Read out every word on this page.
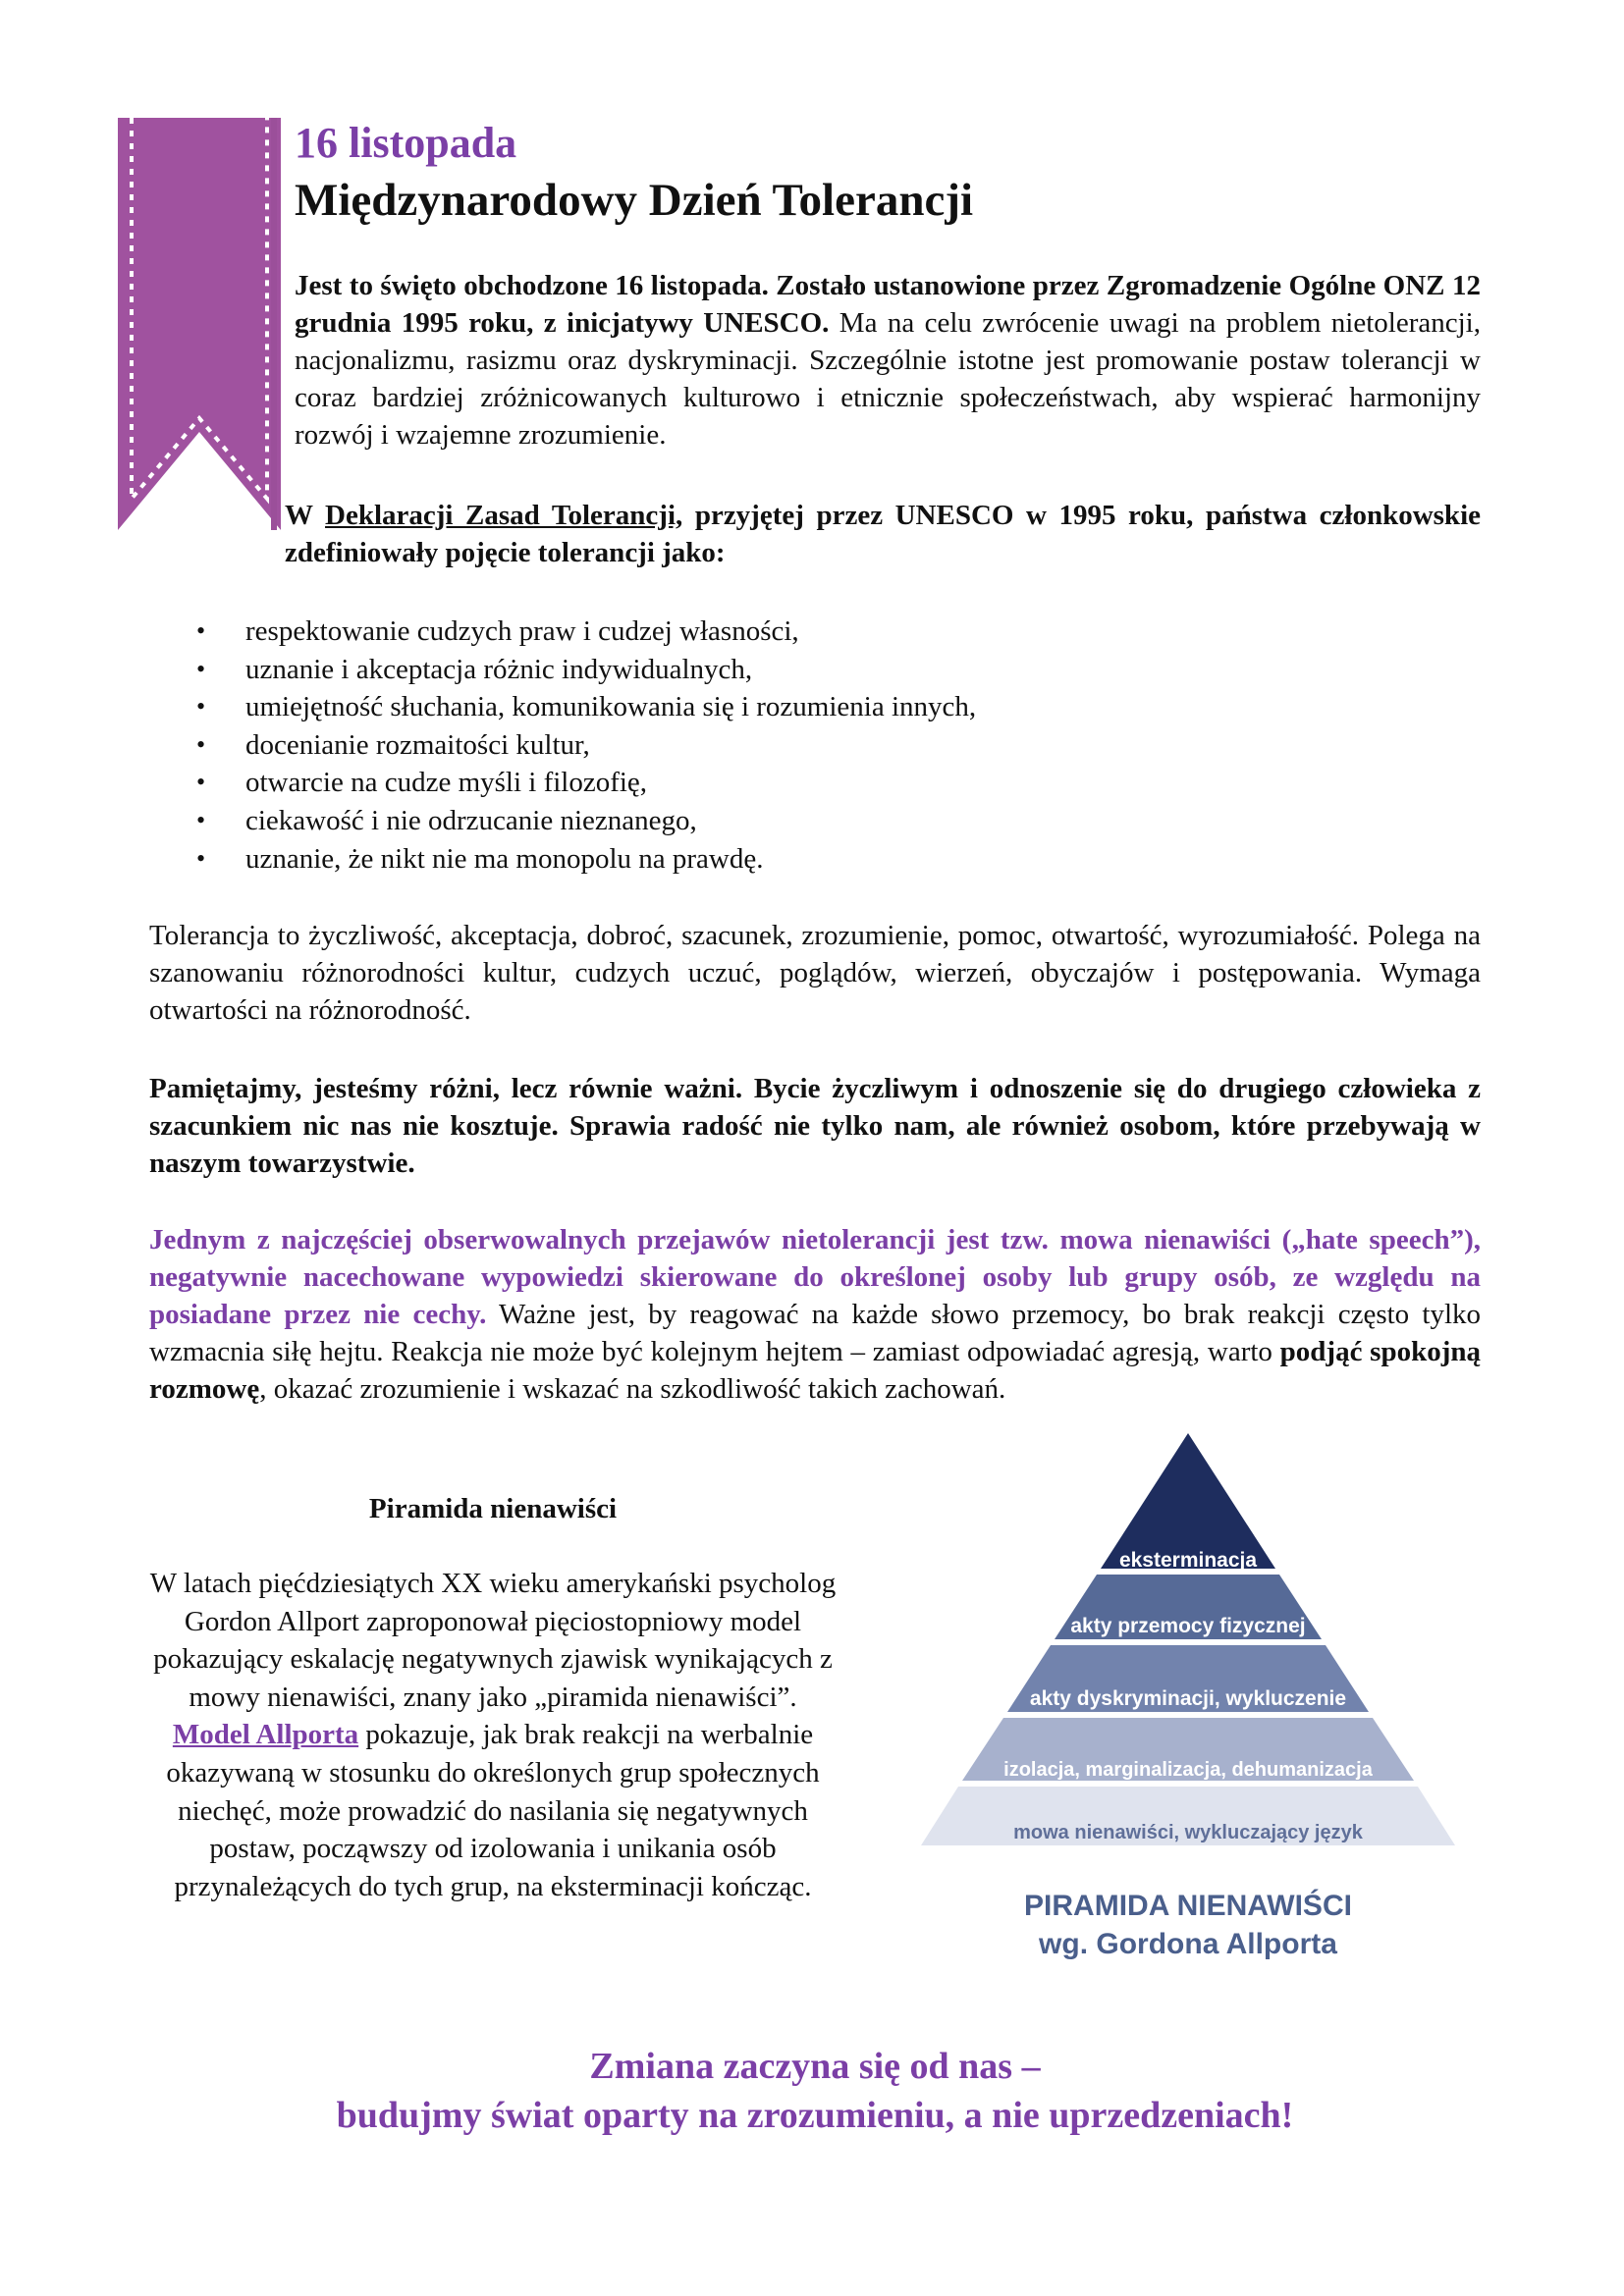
16 listopada
Międzynarodowy Dzień Tolerancji

Jest to święto obchodzone 16 listopada. Zostało ustanowione przez Zgromadzenie Ogólne ONZ 12 grudnia 1995 roku, z inicjatywy UNESCO. Ma na celu zwrócenie uwagi na problem nietolerancji, nacjonalizmu, rasizmu oraz dyskryminacji. Szczególnie istotne jest promowanie postaw tolerancji w coraz bardziej zróżnicowanych kulturowo i etnicznie społeczeństwach, aby wspierać harmonijny rozwój i wzajemne zrozumienie.

W Deklaracji Zasad Tolerancji, przyjętej przez UNESCO w 1995 roku, państwa członkowskie zdefiniowały pojęcie tolerancji jako:

• respektowanie cudzych praw i cudzej własności,
• uznanie i akceptacja różnic indywidualnych,
• umiejętność słuchania, komunikowania się i rozumienia innych,
• docenianie rozmaitości kultur,
• otwarcie na cudze myśli i filozofię,
• ciekawość i nie odrzucanie nieznanego,
• uznanie, że nikt nie ma monopolu na prawdę.

Tolerancja to życzliwość, akceptacja, dobroć, szacunek, zrozumienie, pomoc, otwartość, wyrozumiałość. Polega na szanowaniu różnorodności kultur, cudzych uczuć, poglądów, wierzeń, obyczajów i postępowania. Wymaga otwartości na różnorodność.

Pamiętajmy, jesteśmy różni, lecz równie ważni. Bycie życzliwym i odnoszenie się do drugiego człowieka z szacunkiem nic nas nie kosztuje. Sprawia radość nie tylko nam, ale również osobom, które przebywają w naszym towarzystwie.

Jednym z najczęściej obserwowalnych przejawów nietolerancji jest tzw. mowa nienawiści („hate speech”), negatywnie nacechowane wypowiedzi skierowane do określonej osoby lub grupy osób, ze względu na posiadane przez nie cechy. Ważne jest, by reagować na każde słowo przemocy, bo brak reakcji często tylko wzmacnia siłę hejtu. Reakcja nie może być kolejnym hejtem – zamiast odpowiadać agresją, warto podjąć spokojną rozmowę, okazać zrozumienie i wskazać na szkodliwość takich zachowań.

Piramida nienawiści
W latach pięćdziesiątych XX wieku amerykański psycholog Gordon Allport zaproponował pięciostopniowy model pokazujący eskalację negatywnych zjawisk wynikających z mowy nienawiści, znany jako „piramida nienawiści”.
Model Allporta pokazuje, jak brak reakcji na werbalnie okazywaną w stosunku do określonych grup społecznych niechęć, może prowadzić do nasilania się negatywnych postaw, począwszy od izolowania i unikania osób przynależących do tych grup, na eksterminacji kończąc.
eksterminacja
akty przemocy fizycznej
akty dyskryminacji, wykluczenie
izolacja, marginalizacja, dehumanizacja
mowa nienawiści, wykluczający język
PIRAMIDA NIENAWIŚCI
wg. Gordona Allporta
Zmiana zaczyna się od nas –
budujmy świat oparty na zrozumieniu, a nie uprzedzeniach!
